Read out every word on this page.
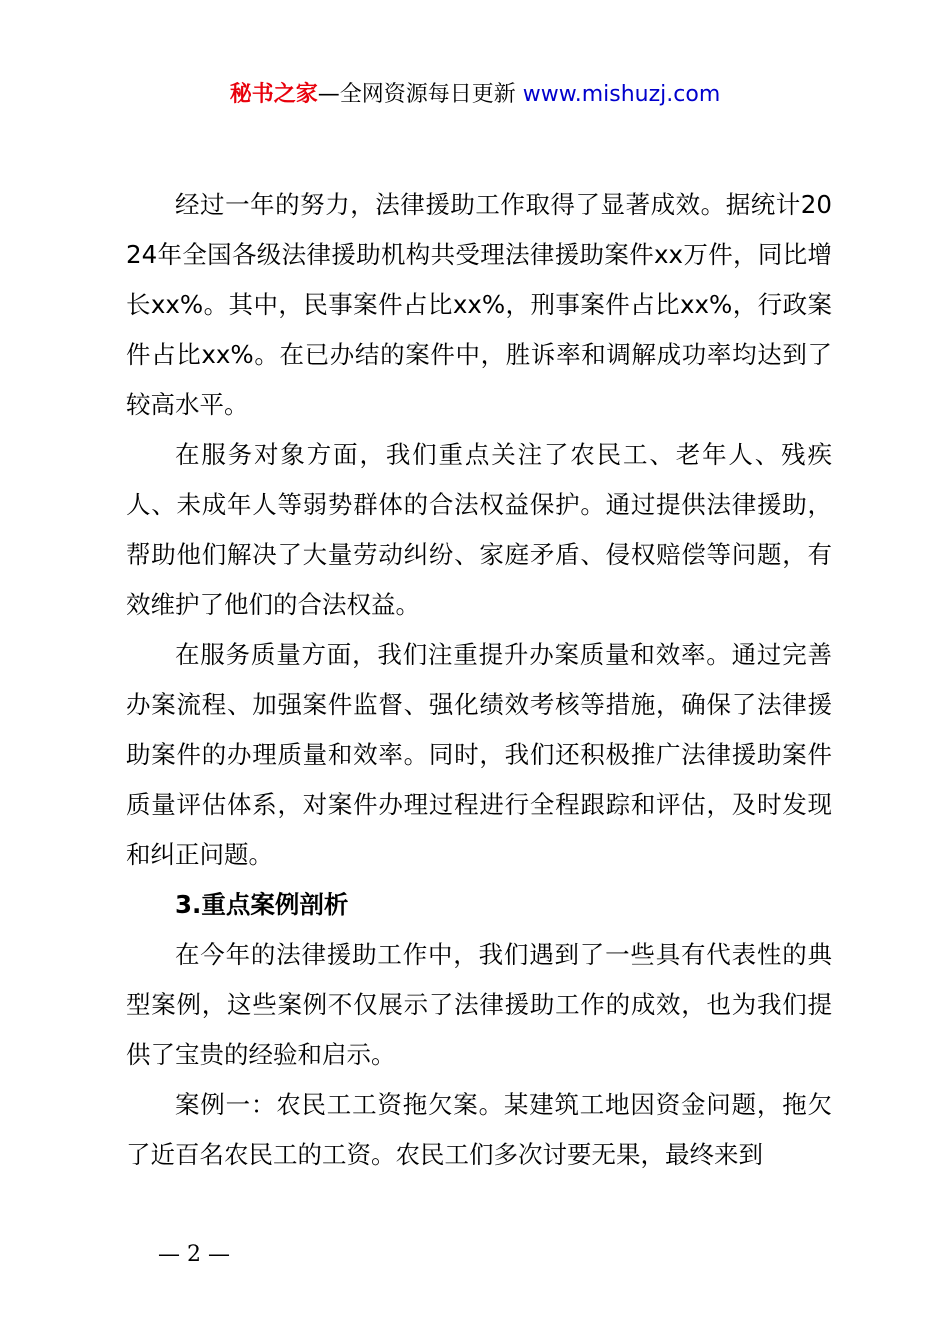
秘书之家—全网资源每日更新 www.mishuzj.com

经过一年的努力，法律援助工作取得了显著成效。据统计2024年全国各级法律援助机构共受理法律援助案件xx万件，同比增长xx%。其中，民事案件占比xx%，刑事案件占比xx%，行政案件占比xx%。在已办结的案件中，胜诉率和调解成功率均达到了较高水平。

在服务对象方面，我们重点关注了农民工、老年人、残疾人、未成年人等弱势群体的合法权益保护。通过提供法律援助，帮助他们解决了大量劳动纠纷、家庭矛盾、侵权赔偿等问题，有效维护了他们的合法权益。

在服务质量方面，我们注重提升办案质量和效率。通过完善办案流程、加强案件监督、强化绩效考核等措施，确保了法律援助案件的办理质量和效率。同时，我们还积极推广法律援助案件质量评估体系，对案件办理过程进行全程跟踪和评估，及时发现和纠正问题。

3.重点案例剖析

在今年的法律援助工作中，我们遇到了一些具有代表性的典型案例，这些案例不仅展示了法律援助工作的成效，也为我们提供了宝贵的经验和启示。

案例一：农民工工资拖欠案。某建筑工地因资金问题，拖欠了近百名农民工的工资。农民工们多次讨要无果，最终来到

— 2 —
